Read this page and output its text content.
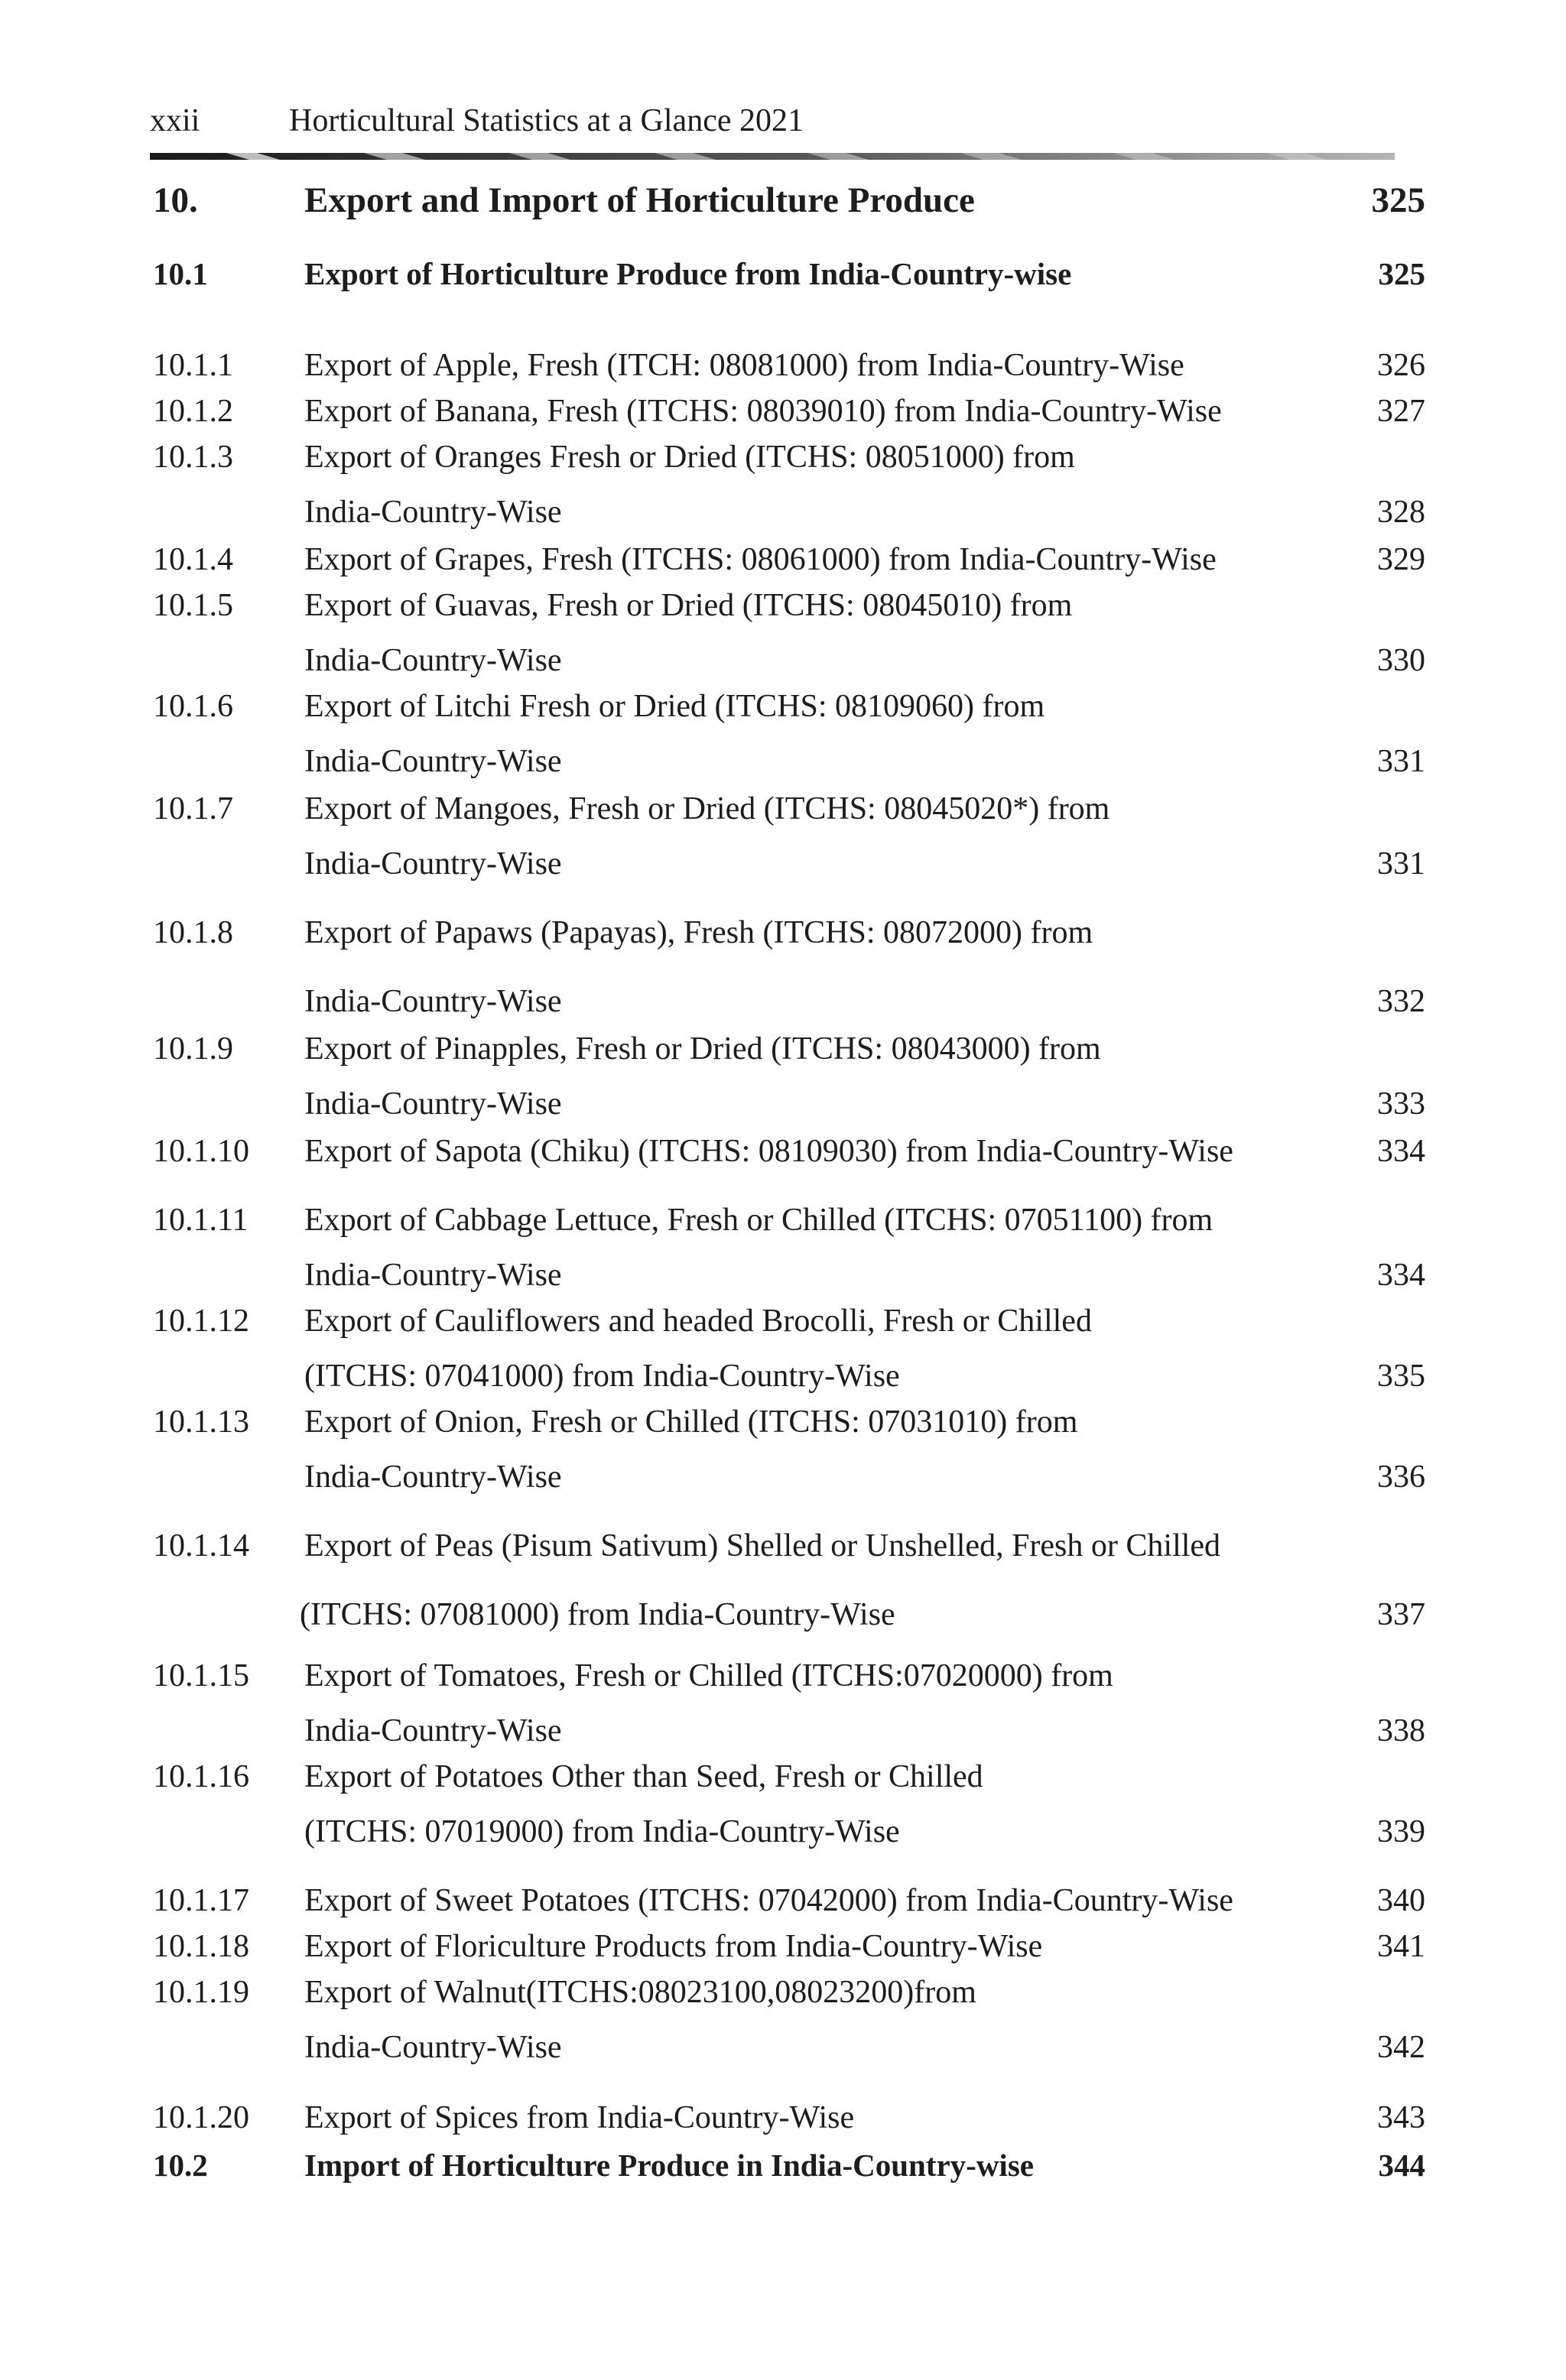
xxii	Horticultural Statistics at a Glance 2021
10.	Export and Import of Horticulture Produce	325
10.1	Export of Horticulture Produce from India-Country-wise	325
10.1.1 Export of Apple, Fresh (ITCH: 08081000) from India-Country-Wise	326
10.1.2 Export of Banana, Fresh (ITCHS: 08039010) from India-Country-Wise	327
10.1.3 Export of Oranges Fresh or Dried (ITCHS: 08051000) from
India-Country-Wise	328
10.1.4 Export of Grapes, Fresh (ITCHS: 08061000) from India-Country-Wise	329
10.1.5 Export of Guavas, Fresh or Dried (ITCHS: 08045010) from
India-Country-Wise	330
10.1.6 Export of Litchi Fresh or Dried (ITCHS: 08109060) from
India-Country-Wise	331
10.1.7 Export of Mangoes, Fresh or Dried (ITCHS: 08045020*) from
India-Country-Wise	331
10.1.8 Export of Papaws (Papayas), Fresh (ITCHS: 08072000) from
India-Country-Wise	332
10.1.9 Export of Pinapples, Fresh or Dried (ITCHS: 08043000) from
India-Country-Wise	333
10.1.10 Export of Sapota (Chiku) (ITCHS: 08109030) from India-Country-Wise	334
10.1.11 Export of Cabbage Lettuce, Fresh or Chilled (ITCHS: 07051100) from
India-Country-Wise	334
10.1.12 Export of Cauliflowers and headed Brocolli, Fresh or Chilled
(ITCHS: 07041000) from India-Country-Wise	335
10.1.13 Export of Onion, Fresh or Chilled (ITCHS: 07031010) from
India-Country-Wise	336
10.1.14 Export of Peas (Pisum Sativum) Shelled or Unshelled, Fresh or Chilled
(ITCHS: 07081000) from India-Country-Wise	337
10.1.15 Export of Tomatoes, Fresh or Chilled (ITCHS:07020000) from
India-Country-Wise	338
10.1.16 Export of Potatoes Other than Seed, Fresh or Chilled
(ITCHS: 07019000) from India-Country-Wise	339
10.1.17 Export of Sweet Potatoes (ITCHS: 07042000) from India-Country-Wise	340
10.1.18 Export of Floriculture Products from India-Country-Wise	341
10.1.19 Export of Walnut(ITCHS:08023100,08023200)from
India-Country-Wise	342
10.1.20 Export of Spices from India-Country-Wise	343
10.2	Import of Horticulture Produce in India-Country-wise	344
